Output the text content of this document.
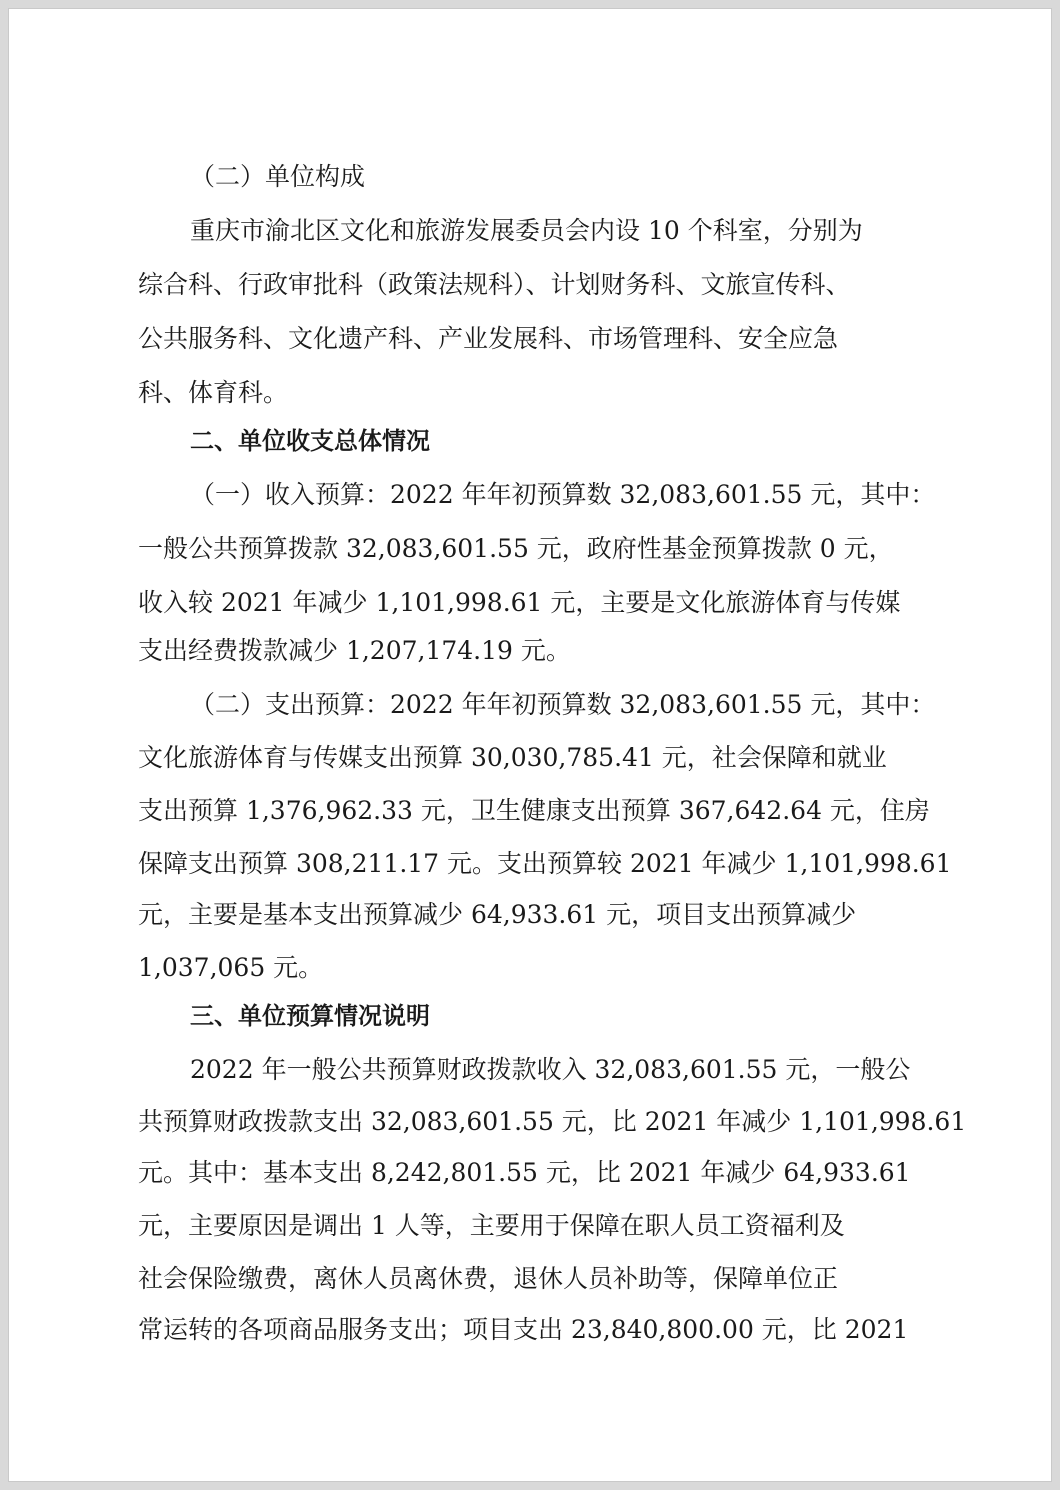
（二）单位构成
重庆市渝北区文化和旅游发展委员会内设 10 个科室，分别为
综合科、行政审批科（政策法规科）、计划财务科、文旅宣传科、
公共服务科、文化遗产科、产业发展科、市场管理科、安全应急
科、体育科。
二、单位收支总体情况
（一）收入预算：2022 年年初预算数 32,083,601.55 元，其中：
一般公共预算拨款 32,083,601.55 元，政府性基金预算拨款 0 元，
收入较 2021 年减少 1,101,998.61 元，主要是文化旅游体育与传媒
支出经费拨款减少 1,207,174.19 元。
（二）支出预算：2022 年年初预算数 32,083,601.55 元，其中：
文化旅游体育与传媒支出预算 30,030,785.41 元，社会保障和就业
支出预算 1,376,962.33 元，卫生健康支出预算 367,642.64 元，住房
保障支出预算 308,211.17 元。支出预算较 2021 年减少 1,101,998.61
元，主要是基本支出预算减少 64,933.61 元，项目支出预算减少
1,037,065 元。
三、单位预算情况说明
2022 年一般公共预算财政拨款收入 32,083,601.55 元，一般公
共预算财政拨款支出 32,083,601.55 元，比 2021 年减少 1,101,998.61
元。其中：基本支出 8,242,801.55 元，比 2021 年减少 64,933.61
元，主要原因是调出 1 人等，主要用于保障在职人员工资福利及
社会保险缴费，离休人员离休费，退休人员补助等，保障单位正
常运转的各项商品服务支出；项目支出 23,840,800.00 元，比 2021
